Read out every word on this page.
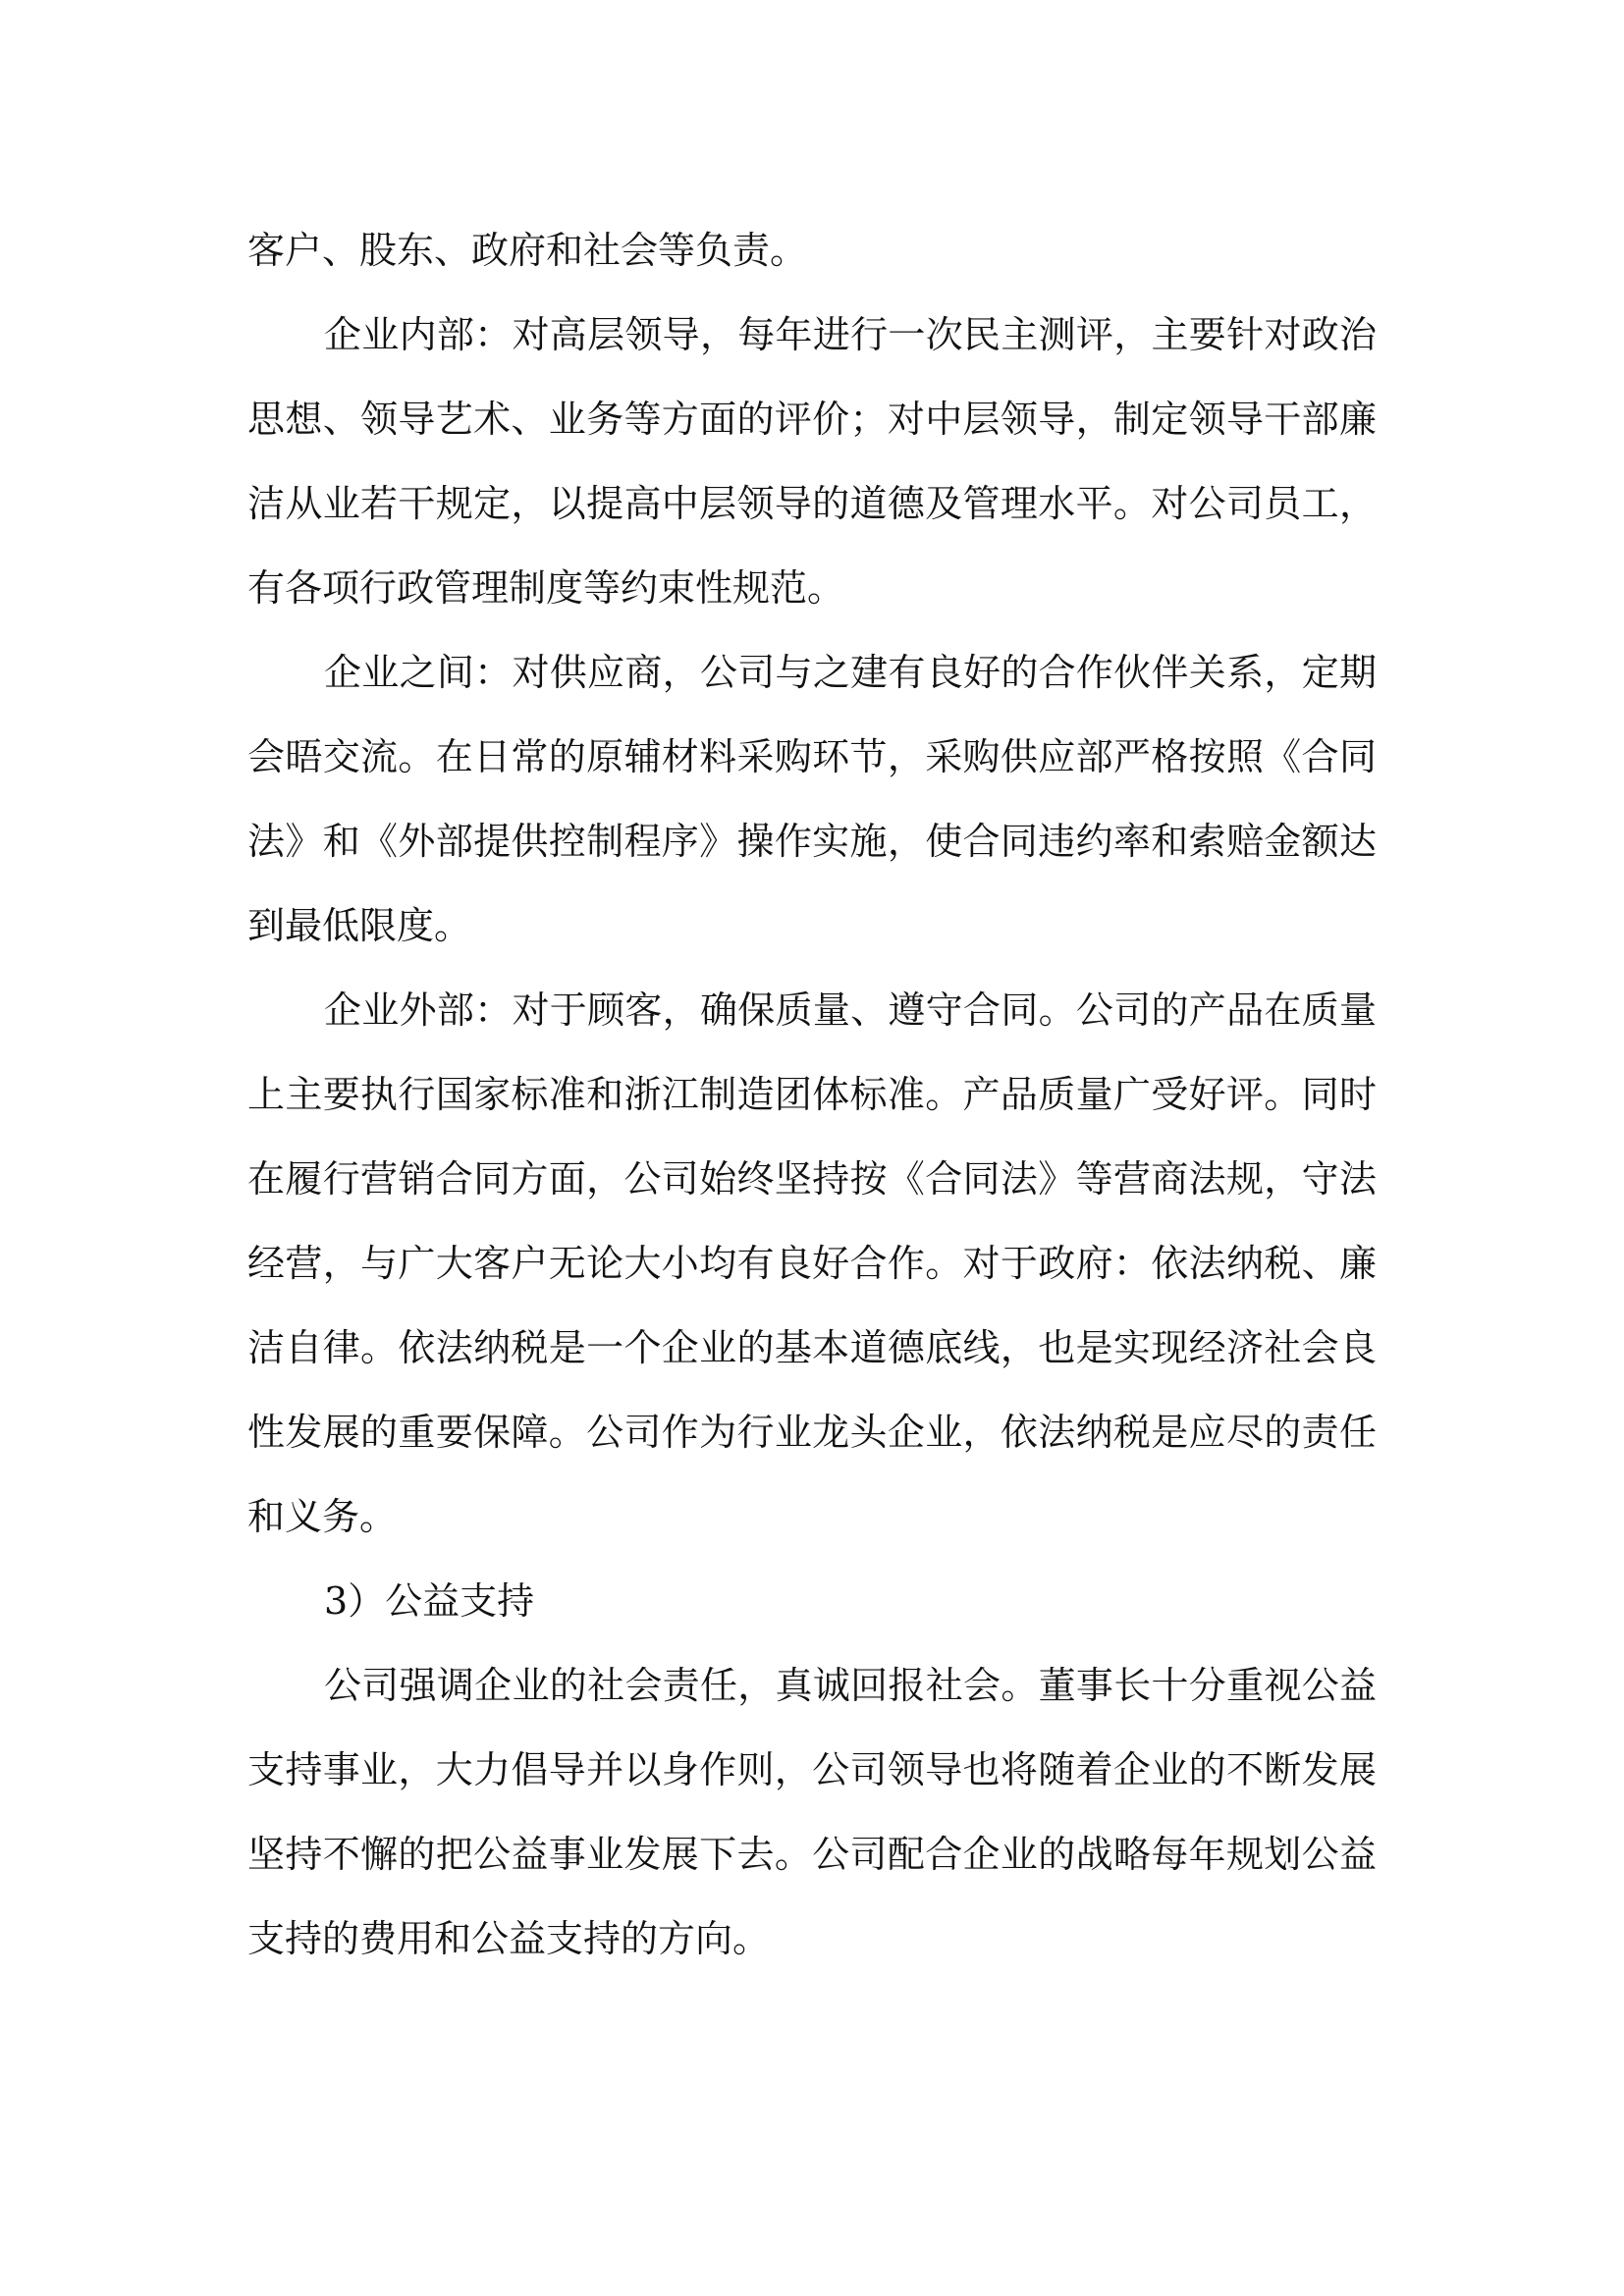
客户、股东、政府和社会等负责。

企业内部：对高层领导，每年进行一次民主测评，主要针对政治思想、领导艺术、业务等方面的评价；对中层领导，制定领导干部廉洁从业若干规定，以提高中层领导的道德及管理水平。对公司员工，有各项行政管理制度等约束性规范。

企业之间：对供应商，公司与之建有良好的合作伙伴关系，定期会晤交流。在日常的原辅材料采购环节，采购供应部严格按照《合同法》和《外部提供控制程序》操作实施，使合同违约率和索赔金额达到最低限度。

企业外部：对于顾客，确保质量、遵守合同。公司的产品在质量上主要执行国家标准和浙江制造团体标准。产品质量广受好评。同时在履行营销合同方面，公司始终坚持按《合同法》等营商法规，守法经营，与广大客户无论大小均有良好合作。对于政府：依法纳税、廉洁自律。依法纳税是一个企业的基本道德底线，也是实现经济社会良性发展的重要保障。公司作为行业龙头企业，依法纳税是应尽的责任和义务。

3）公益支持

公司强调企业的社会责任，真诚回报社会。董事长十分重视公益支持事业，大力倡导并以身作则，公司领导也将随着企业的不断发展坚持不懈的把公益事业发展下去。公司配合企业的战略每年规划公益支持的费用和公益支持的方向。
